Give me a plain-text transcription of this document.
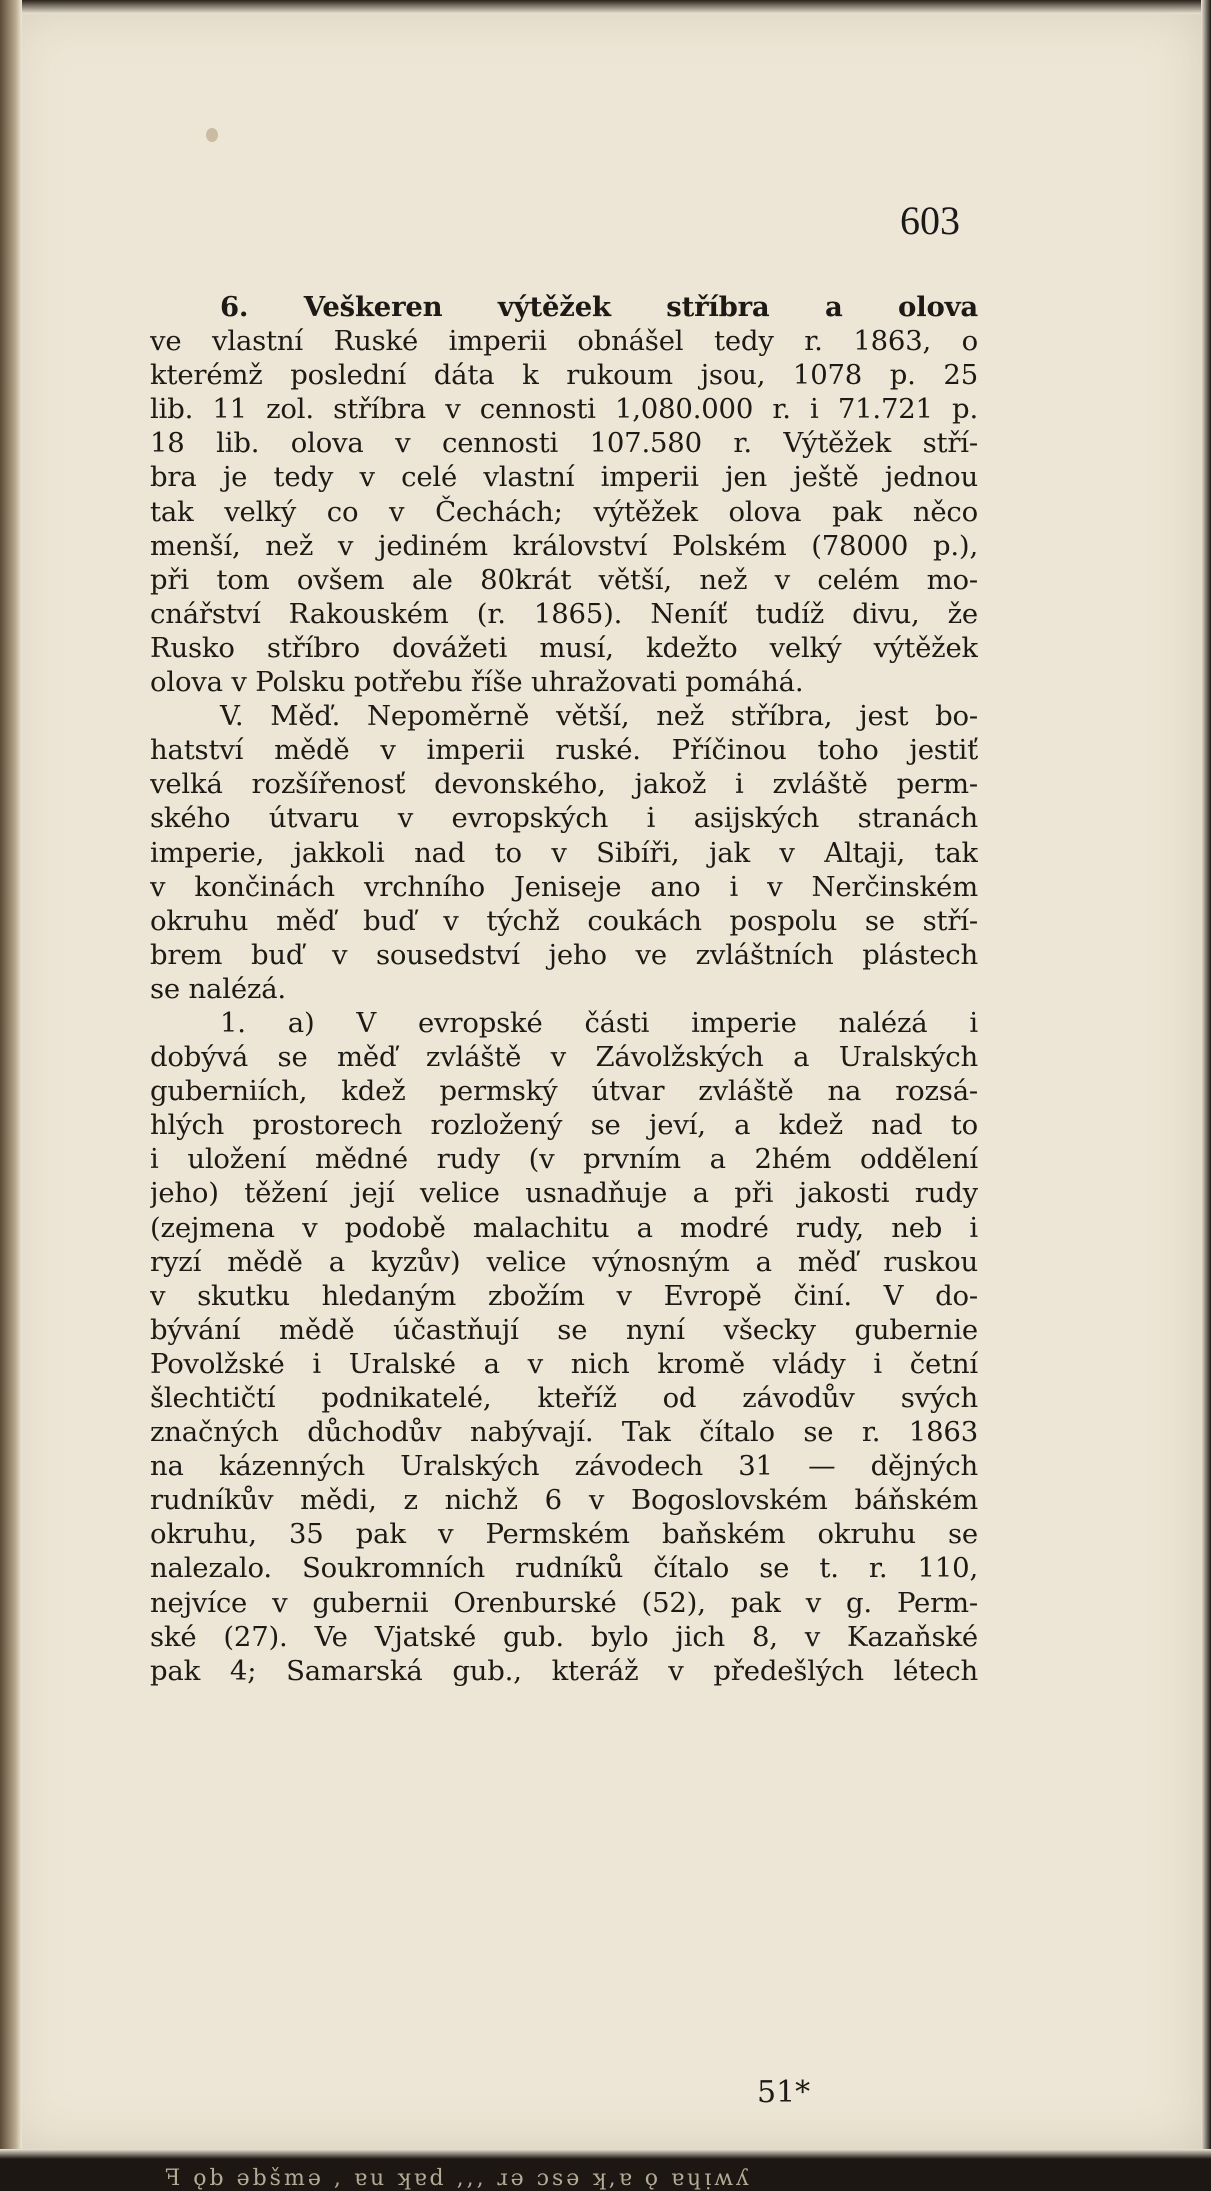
603
6. Veškeren výtěžek stříbra a olova
ve vlastní Ruské imperii obnášel tedy r. 1863, o
kterémž poslední dáta k rukoum jsou, 1078 p. 25
lib. 11 zol. stříbra v cennosti 1,080.000 r. i 71.721 p.
18 lib. olova v cennosti 107.580 r. Výtěžek stří-
bra je tedy v celé vlastní imperii jen ještě jednou
tak velký co v Čechách; výtěžek olova pak něco
menší, než v jediném království Polském (78000 p.),
při tom ovšem ale 80krát větší, než v celém mo-
cnářství Rakouském (r. 1865). Neníť tudíž divu, že
Rusko stříbro dovážeti musí, kdežto velký výtěžek
olova v Polsku potřebu říše uhražovati pomáhá.
V. Měď. Nepoměrně větší, než stříbra, jest bo-
hatství mědě v imperii ruské. Příčinou toho jestiť
velká rozšířenosť devonského, jakož i zvláště perm-
ského útvaru v evropských i asijských stranách
imperie, jakkoli nad to v Sibíři, jak v Altaji, tak
v končinách vrchního Jeniseje ano i v Nerčinském
okruhu měď buď v týchž coukách pospolu se stří-
brem buď v sousedství jeho ve zvláštních plástech
se nalézá.
1. a) V evropské části imperie nalézá i
dobývá se měď zvláště v Závolžských a Uralských
guberniích, kdež permský útvar zvláště na rozsá-
hlých prostorech rozložený se jeví, a kdež nad to
i uložení mědné rudy (v prvním a 2hém oddělení
jeho) těžení její velice usnadňuje a při jakosti rudy
(zejmena v podobě malachitu a modré rudy, neb i
ryzí mědě a kyzův) velice výnosným a měď ruskou
v skutku hledaným zbožím v Evropě činí. V do-
bývání mědě účastňují se nyní všecky gubernie
Povolžské i Uralské a v nich kromě vlády i četní
šlechtičtí podnikatelé, kteříž od závodův svých
značných důchodův nabývají. Tak čítalo se r. 1863
na kázenných Uralských závodech 31 — dějných
rudníkův mědi, z nichž 6 v Bogoslovském báňském
okruhu, 35 pak v Permském baňském okruhu se
nalezalo. Soukromních rudníků čítalo se t. r. 110,
nejvíce v gubernii Orenburské (52), pak v g. Perm-
ské (27). Ve Vjatské gub. bylo jich 8, v Kazaňské
pak 4; Samarská gub., kteráž v předešlých létech
ꟻ ǫb əbšmǝ , ɐu ʞɐd ,,, ɹǝ ɔsǝ ʞ,ɐ ǫ ɐɥᴉʍʎ
51*
